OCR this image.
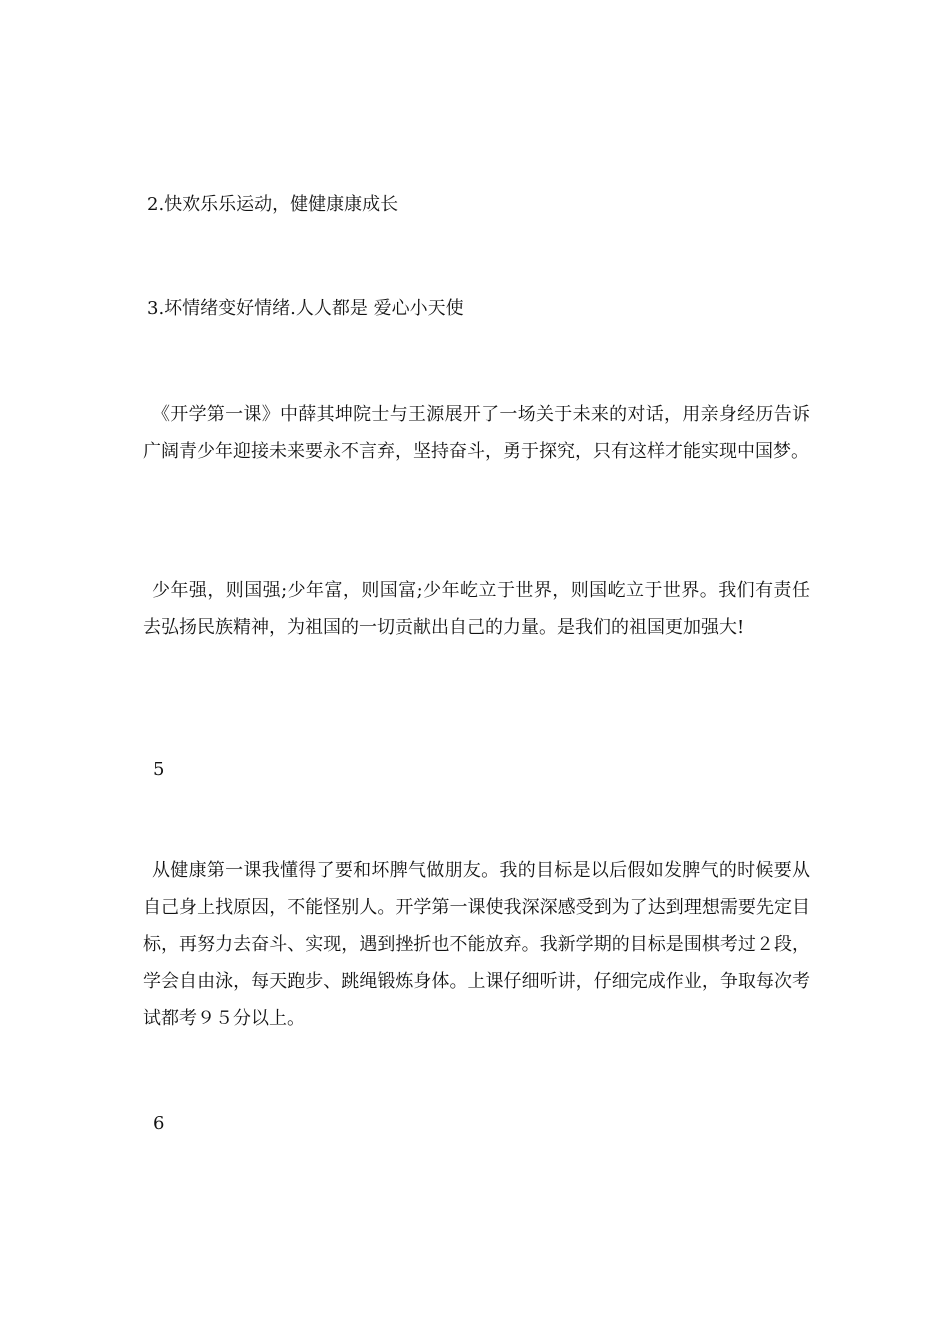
2.快欢乐乐运动，健健康康成长

3.坏情绪变好情绪.人人都是 爱心小天使

《开学第一课》中薛其坤院士与王源展开了一场关于未来的对话，用亲身经历告诉广阔青少年迎接未来要永不言弃，坚持奋斗，勇于探究，只有这样才能实现中国梦。

少年强，则国强;少年富，则国富;少年屹立于世界，则国屹立于世界。我们有责任去弘扬民族精神，为祖国的一切贡献出自己的力量。是我们的祖国更加强大!

5

从健康第一课我懂得了要和坏脾气做朋友。我的目标是以后假如发脾气的时候要从自己身上找原因，不能怪别人。开学第一课使我深深感受到为了达到理想需要先定目标，再努力去奋斗、实现，遇到挫折也不能放弃。我新学期的目标是围棋考过２段，学会自由泳，每天跑步、跳绳锻炼身体。上课仔细听讲，仔细完成作业，争取每次考试都考９５分以上。

6
